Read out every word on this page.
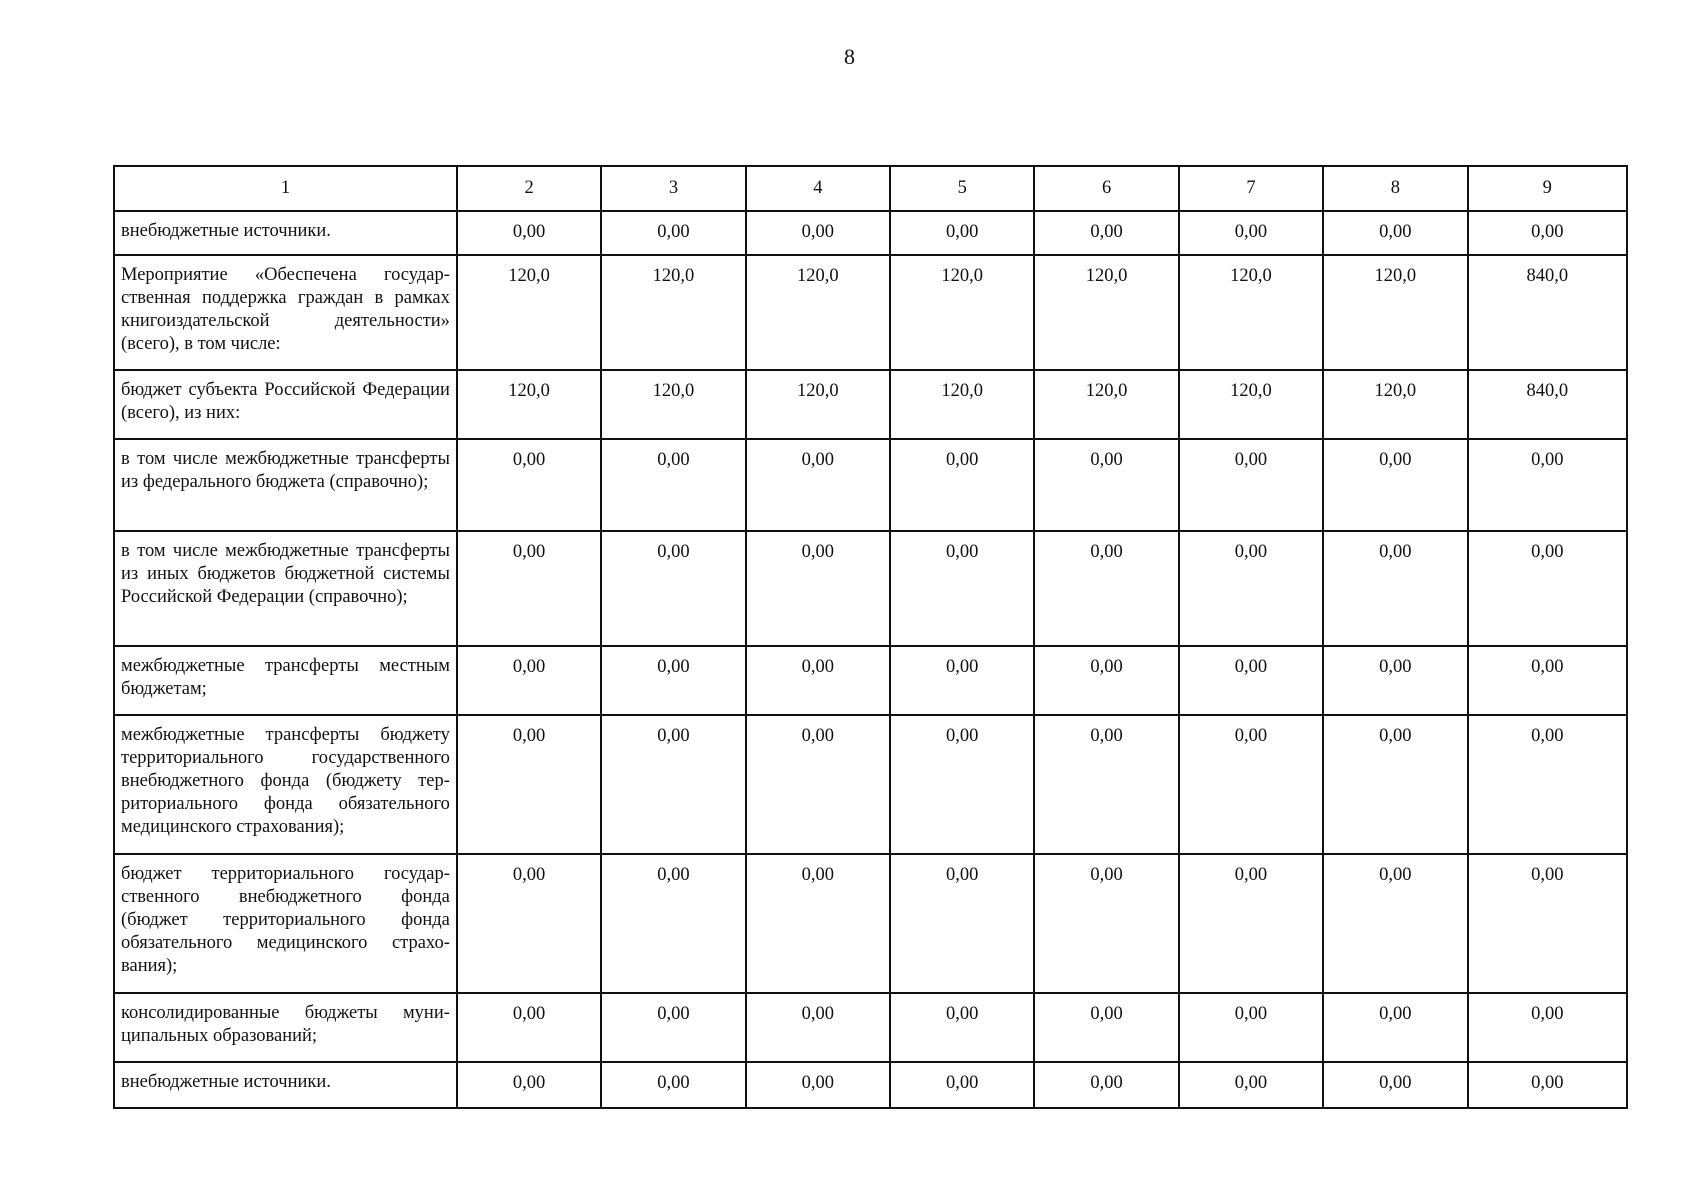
8
1	2	3	4	5	6	7	8	9
внебюджетные источники.	0,00	0,00	0,00	0,00	0,00	0,00	0,00	0,00
Мероприятие «Обеспечена государственная поддержка граждан в рамках книгоиздательской деятельности» (всего), в том числе:	120,0	120,0	120,0	120,0	120,0	120,0	120,0	840,0
бюджет субъекта Российской Федерации (всего), из них:	120,0	120,0	120,0	120,0	120,0	120,0	120,0	840,0
в том числе межбюджетные трансферты из федерального бюджета (справочно);	0,00	0,00	0,00	0,00	0,00	0,00	0,00	0,00
в том числе межбюджетные трансферты из иных бюджетов бюджетной системы Российской Федерации (справочно);	0,00	0,00	0,00	0,00	0,00	0,00	0,00	0,00
межбюджетные трансферты местным бюджетам;	0,00	0,00	0,00	0,00	0,00	0,00	0,00	0,00
межбюджетные трансферты бюджету территориального государственного внебюджетного фонда (бюджету территориального фонда обязательного медицинского страхования);	0,00	0,00	0,00	0,00	0,00	0,00	0,00	0,00
бюджет территориального государственного внебюджетного фонда (бюджет территориального фонда обязательного медицинского страхования);	0,00	0,00	0,00	0,00	0,00	0,00	0,00	0,00
консолидированные бюджеты муниципальных образований;	0,00	0,00	0,00	0,00	0,00	0,00	0,00	0,00
внебюджетные источники.	0,00	0,00	0,00	0,00	0,00	0,00	0,00	0,00
